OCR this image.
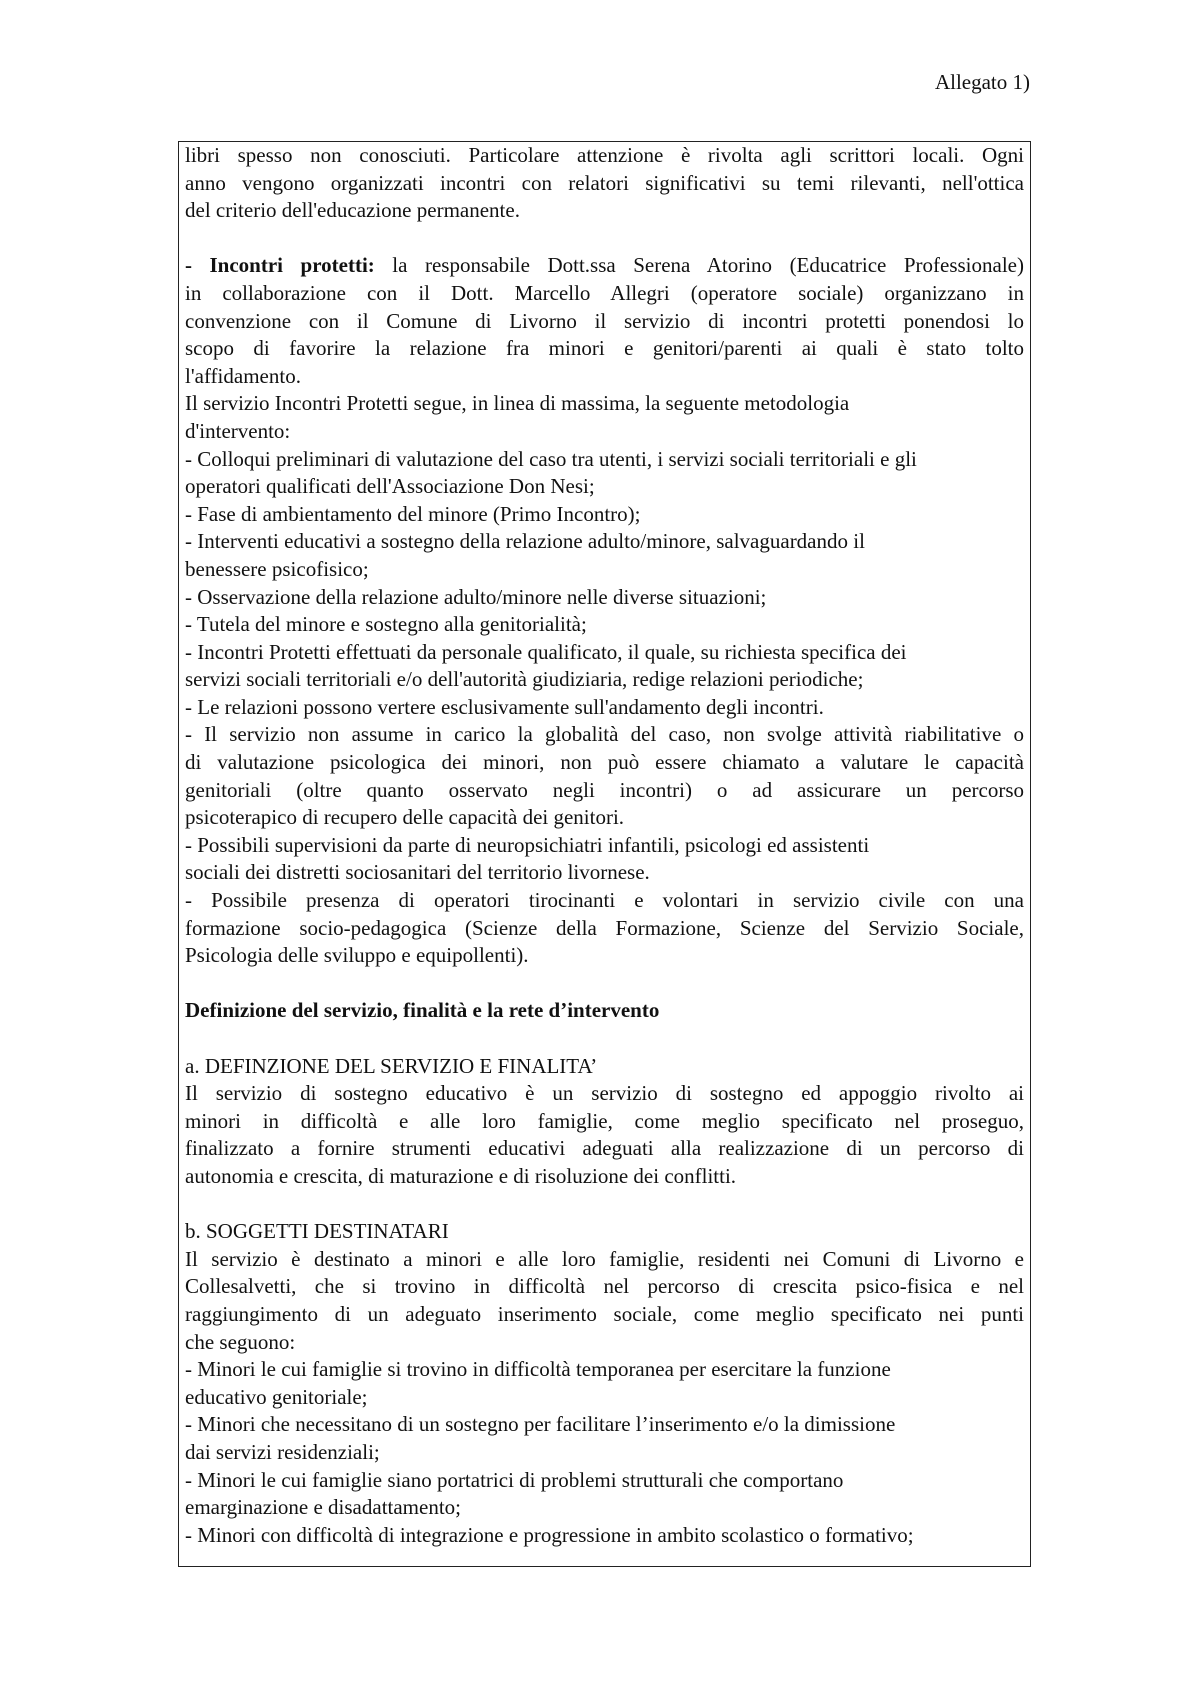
Allegato 1)
libri spesso non conosciuti. Particolare attenzione è rivolta agli scrittori locali. Ogni
anno vengono organizzati incontri con relatori significativi su temi rilevanti, nell'ottica
del criterio dell'educazione permanente.
- Incontri protetti: la responsabile Dott.ssa Serena Atorino (Educatrice Professionale)
in collaborazione con il Dott. Marcello Allegri (operatore sociale) organizzano in
convenzione con il Comune di Livorno il servizio di incontri protetti ponendosi lo
scopo di favorire la relazione fra minori e genitori/parenti ai quali è stato tolto
l'affidamento.
Il servizio Incontri Protetti segue, in linea di massima, la seguente metodologia
d'intervento:
- Colloqui preliminari di valutazione del caso tra utenti, i servizi sociali territoriali e gli
operatori qualificati dell'Associazione Don Nesi;
- Fase di ambientamento del minore (Primo Incontro);
- Interventi educativi a sostegno della relazione adulto/minore, salvaguardando il
benessere psicofisico;
- Osservazione della relazione adulto/minore nelle diverse situazioni;
- Tutela del minore e sostegno alla genitorialità;
- Incontri Protetti effettuati da personale qualificato, il quale, su richiesta specifica dei
servizi sociali territoriali e/o dell'autorità giudiziaria, redige relazioni periodiche;
- Le relazioni possono vertere esclusivamente sull'andamento degli incontri.
- Il servizio non assume in carico la globalità del caso, non svolge attività riabilitative o
di valutazione psicologica dei minori, non può essere chiamato a valutare le capacità
genitoriali (oltre quanto osservato negli incontri) o ad assicurare un percorso
psicoterapico di recupero delle capacità dei genitori.
- Possibili supervisioni da parte di neuropsichiatri infantili, psicologi ed assistenti
sociali dei distretti sociosanitari del territorio livornese.
- Possibile presenza di operatori tirocinanti e volontari in servizio civile con una
formazione socio-pedagogica (Scienze della Formazione, Scienze del Servizio Sociale,
Psicologia delle sviluppo e equipollenti).
Definizione del servizio, finalità e la rete d’intervento
a. DEFINZIONE DEL SERVIZIO E FINALITA’
Il servizio di sostegno educativo è un servizio di sostegno ed appoggio rivolto ai
minori in difficoltà e alle loro famiglie, come meglio specificato nel proseguo,
finalizzato a fornire strumenti educativi adeguati alla realizzazione di un percorso di
autonomia e crescita, di maturazione e di risoluzione dei conflitti.
b. SOGGETTI DESTINATARI
Il servizio è destinato a minori e alle loro famiglie, residenti nei Comuni di Livorno e
Collesalvetti, che si trovino in difficoltà nel percorso di crescita psico-fisica e nel
raggiungimento di un adeguato inserimento sociale, come meglio specificato nei punti
che seguono:
- Minori le cui famiglie si trovino in difficoltà temporanea per esercitare la funzione
educativo genitoriale;
- Minori che necessitano di un sostegno per facilitare l’inserimento e/o la dimissione
dai servizi residenziali;
- Minori le cui famiglie siano portatrici di problemi strutturali che comportano
emarginazione e disadattamento;
- Minori con difficoltà di integrazione e progressione in ambito scolastico o formativo;
